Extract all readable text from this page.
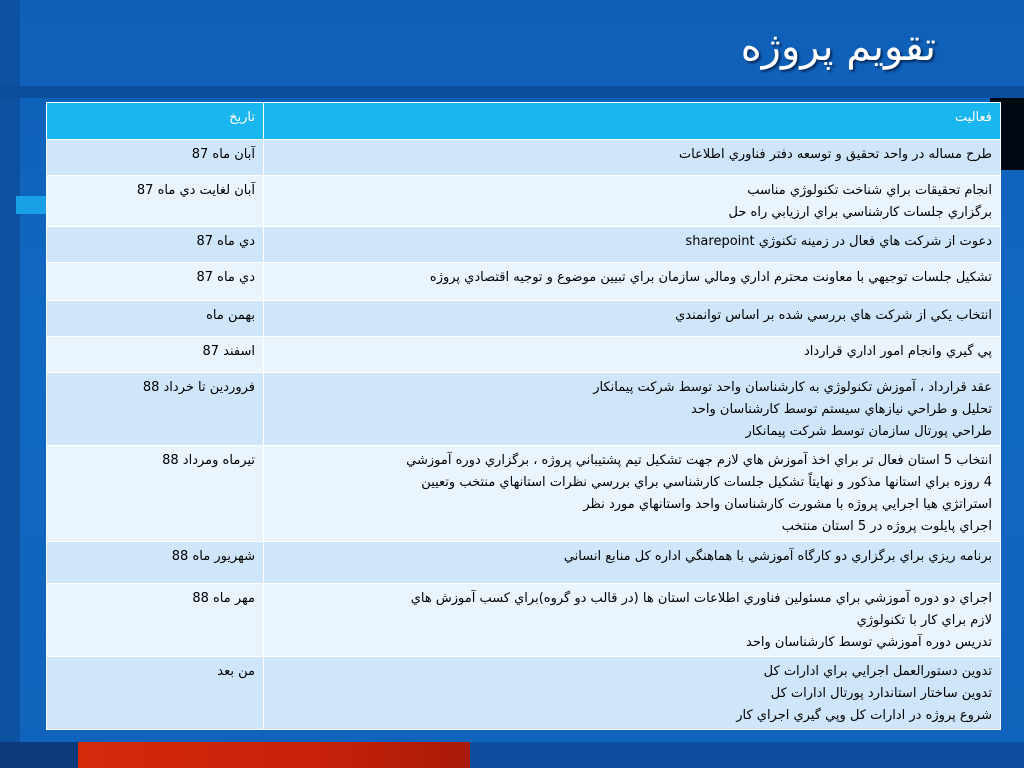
تقويم پروژه
فعاليت	تاريخ

طرح مساله در واحد تحقيق و توسعه دفتر فناوري اطلاعات	آبان ماه 87

انجام تحقيقات براي شناخت تكنولوژي مناسب
برگزاري جلسات كارشناسي براي ارزيابي راه حل	آبان لغايت دي ماه 87

دعوت از شركت هاي فعال در زمينه تكنوژي sharepoint	دي ماه 87

تشكيل جلسات توجيهي با معاونت محترم اداري ومالي سازمان براي تبيين موضوع و توجيه اقتصادي پروژه	دي ماه 87

انتخاب يكي از شركت هاي بررسي شده بر اساس توانمندي	بهمن ماه

پي گيري وانجام امور اداري قرارداد	اسفند 87

عقد قرارداد ، آموزش تكنولوژي به كارشناسان واحد توسط شركت پيمانكار
تحليل و طراحي نيازهاي سيستم توسط كارشناسان واحد
طراحي پورتال سازمان توسط شركت پيمانكار	فروردين تا خرداد 88

انتخاب 5 استان فعال تر براي اخذ آموزش هاي لازم جهت تشكيل تيم پشتيباني پروژه ، برگزاري دوره آموزشي
4 روزه براي استانها مذكور و نهايتاً تشكيل جلسات كارشناسي براي بررسي نظرات استانهاي منتخب وتعيين
استراتژي هيا اجرايي پروژه با مشورت كارشناسان واحد واستانهاي مورد نظر
اجراي پايلوت پروژه در 5 استان منتخب	تيرماه ومرداد 88

برنامه ريزي براي برگزاري دو كارگاه آموزشي با هماهنگي اداره كل منابع انساني	شهريور ماه 88

اجراي دو دوره آموزشي براي مسئولين فناوري اطلاعات استان ها (در قالب دو گروه)براي كسب آموزش هاي
لازم براي كار با تكنولوژي
تدريس دوره آموزشي توسط كارشناسان واحد	مهر ماه 88

تدوين دستورالعمل اجرايي براي ادارات كل
تدوين ساختار استاندارد پورتال ادارات كل
شروع پروژه در ادارات كل وپي گيري اجراي كار	من بعد
